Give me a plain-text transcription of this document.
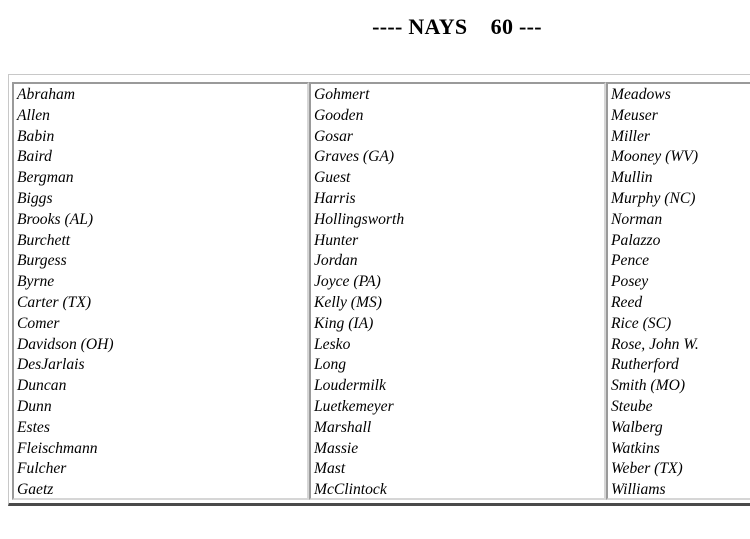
---- NAYS    60 ---
Abraham
Allen
Babin
Baird
Bergman
Biggs
Brooks (AL)
Burchett
Burgess
Byrne
Carter (TX)
Comer
Davidson (OH)
DesJarlais
Duncan
Dunn
Estes
Fleischmann
Fulcher
Gaetz
Gohmert
Gooden
Gosar
Graves (GA)
Guest
Harris
Hollingsworth
Hunter
Jordan
Joyce (PA)
Kelly (MS)
King (IA)
Lesko
Long
Loudermilk
Luetkemeyer
Marshall
Massie
Mast
McClintock
Meadows
Meuser
Miller
Mooney (WV)
Mullin
Murphy (NC)
Norman
Palazzo
Pence
Posey
Reed
Rice (SC)
Rose, John W.
Rutherford
Smith (MO)
Steube
Walberg
Watkins
Weber (TX)
Williams
